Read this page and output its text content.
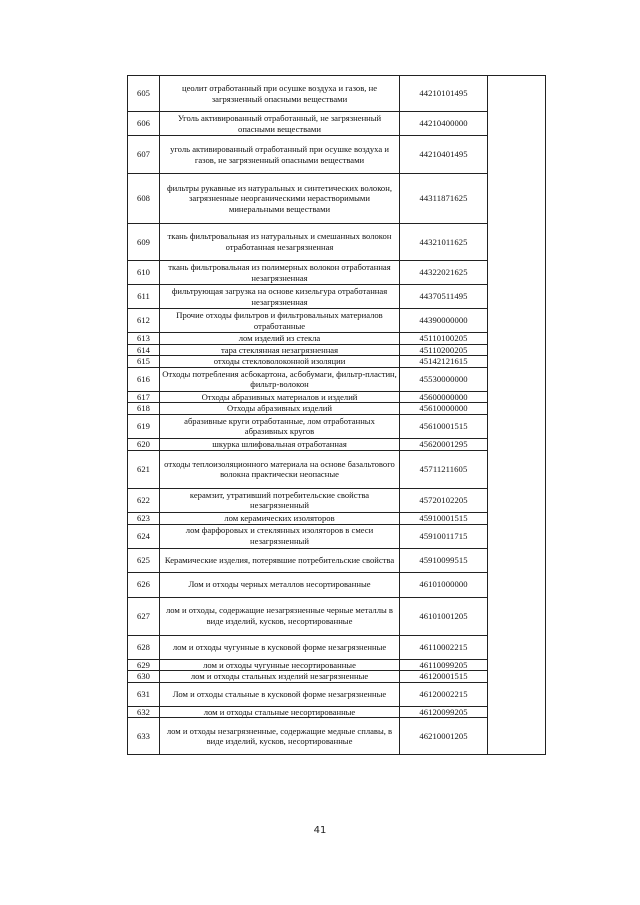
605	цеолит отработанный при осушке воздуха и газов, не загрязненный опасными веществами	44210101495	
606	Уголь активированный отработанный, не загрязненный опасными веществами	44210400000	
607	уголь активированный отработанный при осушке воздуха и газов, не загрязненный опасными веществами	44210401495	
608	фильтры рукавные из натуральных и синтетических волокон, загрязненные неорганическими нерастворимыми минеральными веществами	44311871625	
609	ткань фильтровальная из натуральных и смешанных волокон отработанная незагрязненная	44321011625	
610	ткань фильтровальная из полимерных волокон отработанная незагрязненная	44322021625	
611	фильтрующая загрузка на основе кизельгура отработанная незагрязненная	44370511495	
612	Прочие отходы фильтров и фильтровальных материалов отработанные	44390000000	
613	лом изделий из стекла	45110100205	
614	тара стеклянная незагрязненная	45110200205	
615	отходы стекловолоконной изоляции	45142121615	
616	Отходы потребления асбокартона, асбобумаги, фильтр-пластин, фильтр-волокон	45530000000	
617	Отходы абразивных материалов и изделий	45600000000	
618	Отходы абразивных изделий	45610000000	
619	абразивные круги отработанные, лом отработанных абразивных кругов	45610001515	
620	шкурка шлифовальная отработанная	45620001295	
621	отходы теплоизоляционного материала на основе базальтового волокна практически неопасные	45711211605	
622	керамзит, утративший потребительские свойства незагрязненный	45720102205	
623	лом керамических изоляторов	45910001515	
624	лом фарфоровых и стеклянных изоляторов в смеси незагрязненный	45910011715	
625	Керамические изделия, потерявшие потребительские свойства	45910099515	
626	Лом и отходы черных металлов несортированные	46101000000	
627	лом и отходы, содержащие незагрязненные черные металлы в виде изделий, кусков, несортированные	46101001205	
628	лом и отходы чугунные в кусковой форме незагрязненные	46110002215	
629	лом и отходы чугунные несортированные	46110099205	
630	лом и отходы стальных изделий незагрязненные	46120001515	
631	Лом и отходы стальные в кусковой форме незагрязненные	46120002215	
632	лом и отходы стальные несортированные	46120099205	
633	лом и отходы незагрязненные, содержащие медные сплавы, в виде изделий, кусков, несортированные	46210001205	
41
